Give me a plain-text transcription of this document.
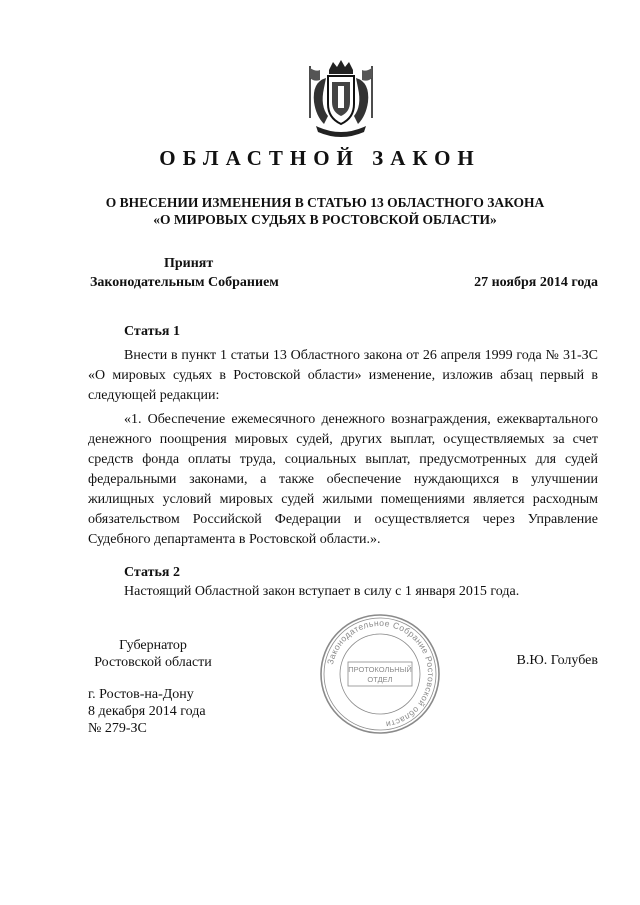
ОБЛАСТНОЙ ЗАКОН
О ВНЕСЕНИИ ИЗМЕНЕНИЯ В СТАТЬЮ 13 ОБЛАСТНОГО ЗАКОНА
«О МИРОВЫХ СУДЬЯХ В РОСТОВСКОЙ ОБЛАСТИ»
Принят
Законодательным Собранием	27 ноября 2014 года
Статья 1
Внести в пункт 1 статьи 13 Областного закона от 26 апреля 1999 года № 31-ЗС «О мировых судьях в Ростовской области» изменение, изложив абзац первый в следующей редакции:
«1. Обеспечение ежемесячного денежного вознаграждения, ежеквартального денежного поощрения мировых судей, других выплат, осуществляемых за счет средств фонда оплаты труда, социальных выплат, предусмотренных для судей федеральными законами, а также обеспечение нуждающихся в улучшении жилищных условий мировых судей жилыми помещениями является расходным обязательством Российской Федерации и осуществляется через Управление Судебного департамента в Ростовской области.».
Статья 2
Настоящий Областной закон вступает в силу с 1 января 2015 года.
Губернатор
Ростовской области	В.Ю. Голубев
г. Ростов-на-Дону
8 декабря 2014 года
№ 279-ЗС
Законодательное Собрание Ростовской области
ПРОТОКОЛЬНЫЙ
ОТДЕЛ
